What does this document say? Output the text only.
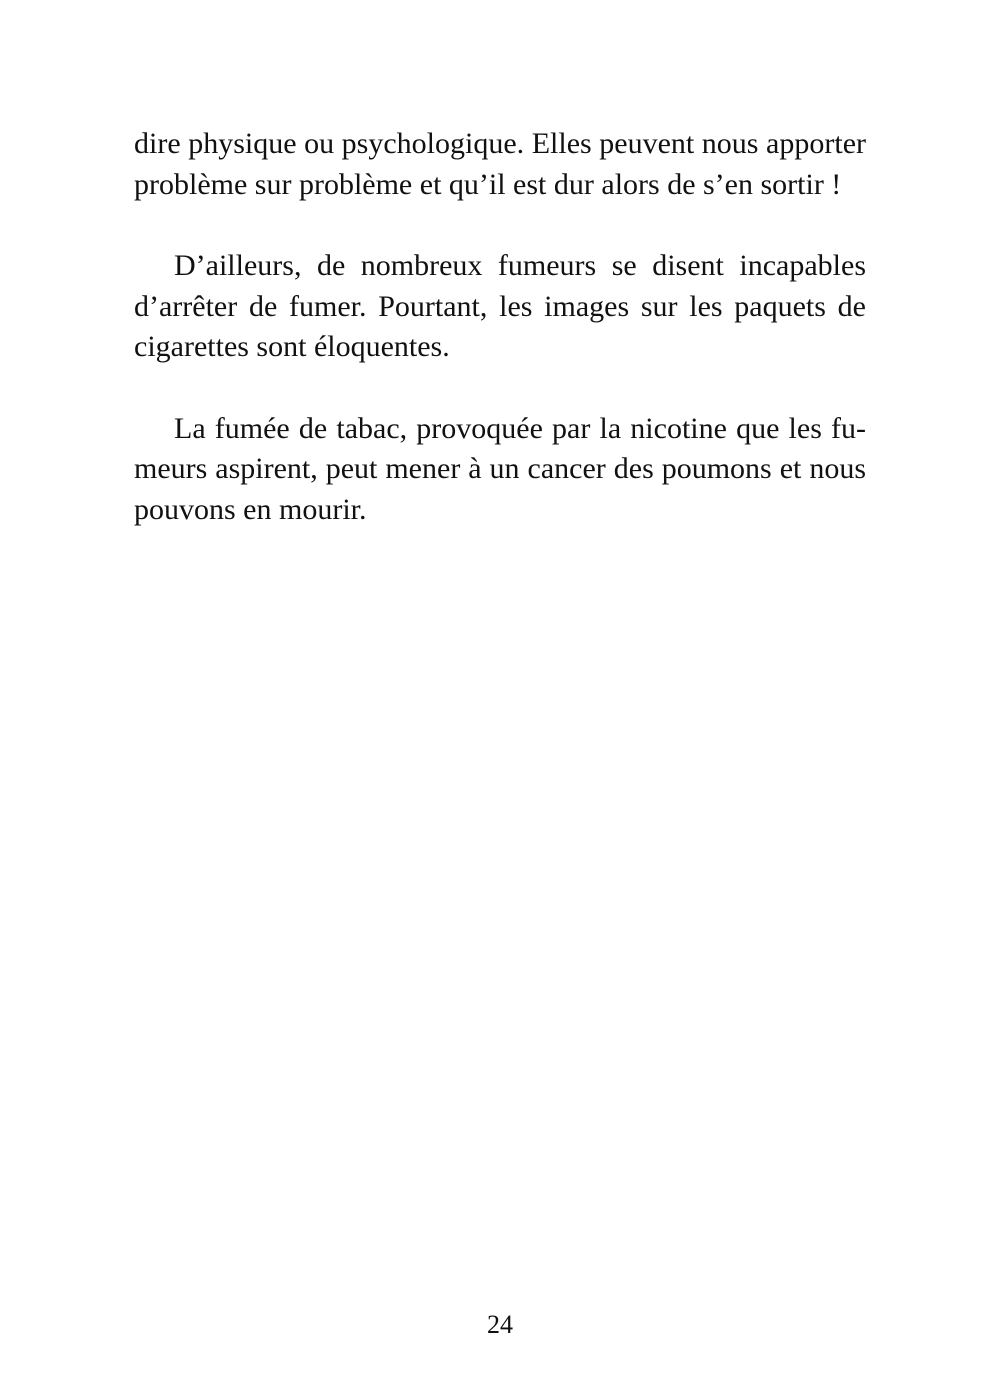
dire physique ou psychologique. Elles peuvent nous apporter
problème sur problème et qu’il est dur alors de s’en sortir !

D’ailleurs, de nombreux fumeurs se disent incapables
d’arrêter de fumer. Pourtant, les images sur les paquets de
cigarettes sont éloquentes.

La fumée de tabac, provoquée par la nicotine que les fu-
meurs aspirent, peut mener à un cancer des poumons et nous
pouvons en mourir.

24
